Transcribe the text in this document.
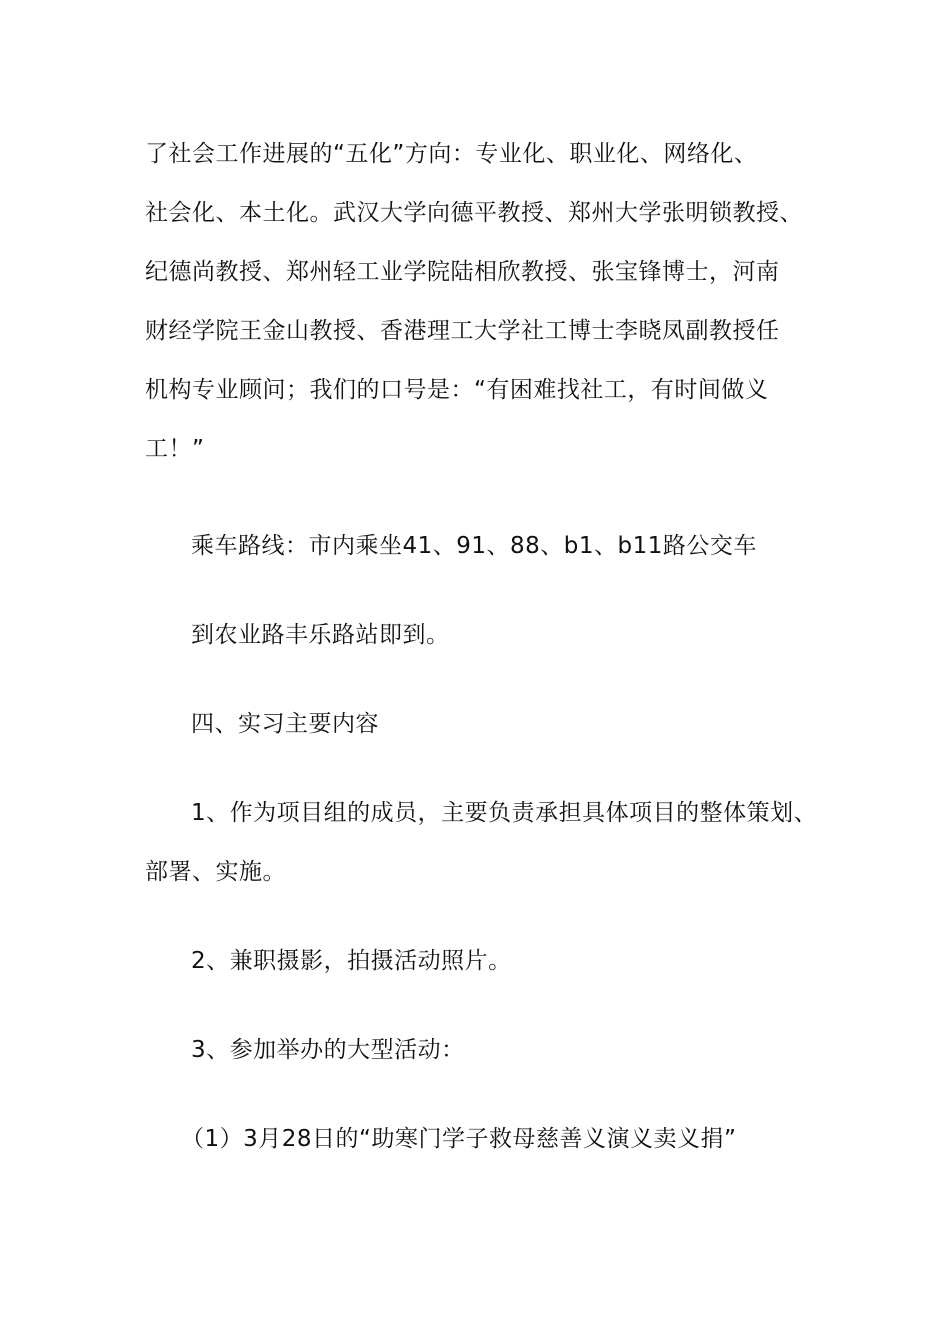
了社会工作进展的“五化”方向：专业化、职业化、网络化、

社会化、本土化。武汉大学向德平教授、郑州大学张明锁教授、

纪德尚教授、郑州轻工业学院陆相欣教授、张宝锋博士，河南

财经学院王金山教授、香港理工大学社工博士李晓凤副教授任

机构专业顾问；我们的口号是：“有困难找社工，有时间做义

工！”

乘车路线：市内乘坐41、91、88、b1、b11路公交车

到农业路丰乐路站即到。

四、实习主要内容

1、作为项目组的成员，主要负责承担具体项目的整体策划、

部署、实施。

2、兼职摄影，拍摄活动照片。

3、参加举办的大型活动：

（1）3月28日的“助寒门学子救母慈善义演义卖义捐”
